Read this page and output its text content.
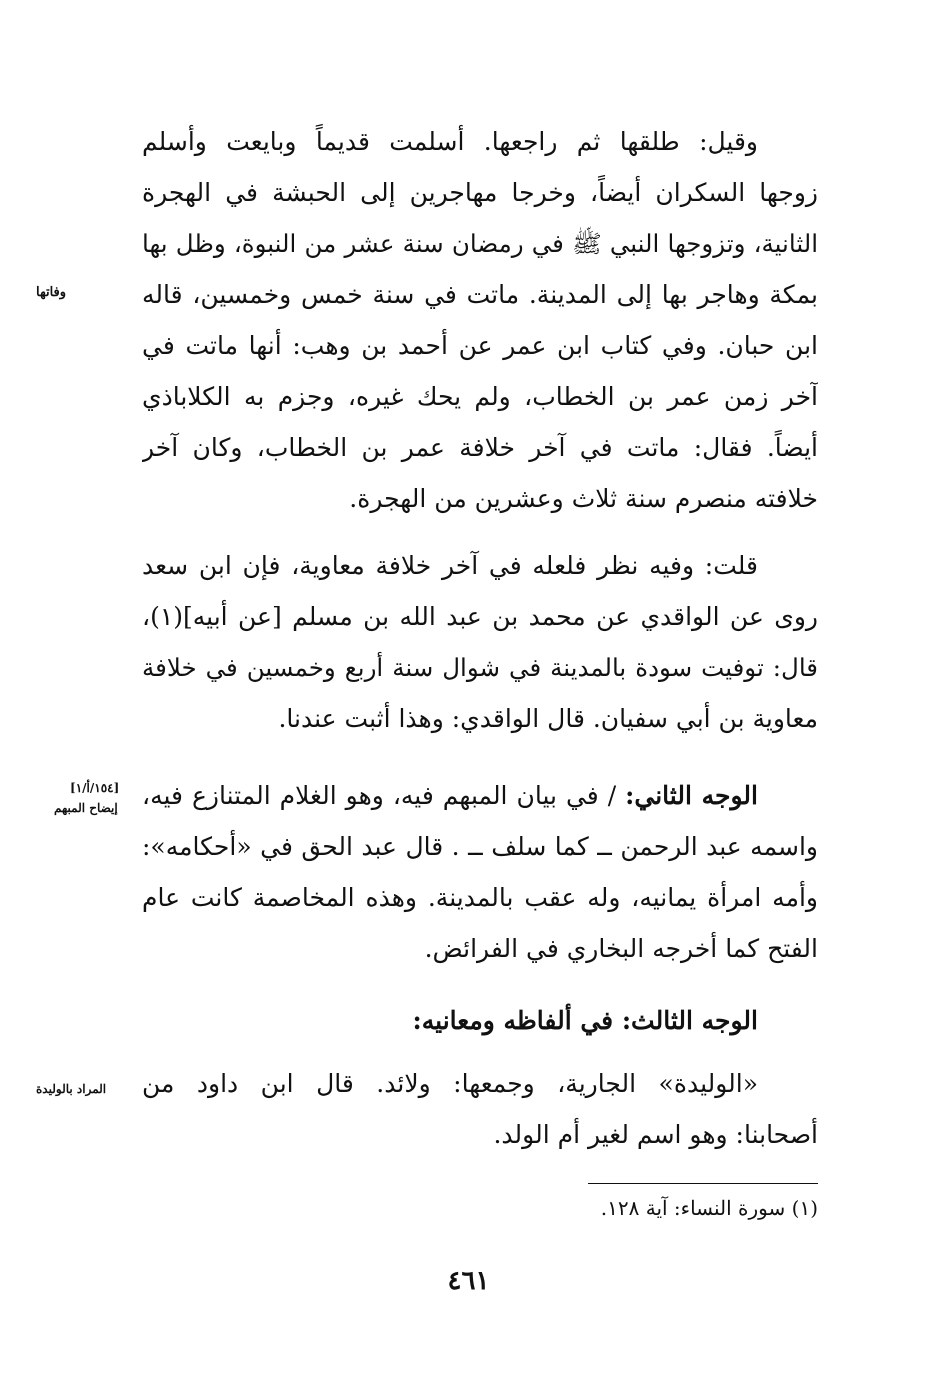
وقيل: طلقها ثم راجعها. أسلمت قديماً وبايعت وأسلم
زوجها السكران أيضاً، وخرجا مهاجرين إلى الحبشة في الهجرة
الثانية، وتزوجها النبي ﷺ في رمضان سنة عشر من النبوة، وظل بها
بمكة وهاجر بها إلى المدينة. ماتت في سنة خمس وخمسين، قاله
ابن حبان. وفي كتاب ابن عمر عن أحمد بن وهب: أنها ماتت في
آخر زمن عمر بن الخطاب، ولم يحك غيره، وجزم به الكلاباذي
أيضاً. فقال: ماتت في آخر خلافة عمر بن الخطاب، وكان آخر
خلافته منصرم سنة ثلاث وعشرين من الهجرة.
قلت: وفيه نظر فلعله في آخر خلافة معاوية، فإن ابن سعد
روى عن الواقدي عن محمد بن عبد الله بن مسلم [عن أبيه](١)،
قال: توفيت سودة بالمدينة في شوال سنة أربع وخمسين في خلافة
معاوية بن أبي سفيان. قال الواقدي: وهذا أثبت عندنا.
الوجه الثاني: / في بيان المبهم فيه، وهو الغلام المتنازع فيه،
واسمه عبد الرحمن ــ كما سلف ــ . قال عبد الحق في «أحكامه»:
وأمه امرأة يمانيه، وله عقب بالمدينة. وهذه المخاصمة كانت عام
الفتح كما أخرجه البخاري في الفرائض.
الوجه الثالث: في ألفاظه ومعانيه:
«الوليدة» الجارية، وجمعها: ولائد. قال ابن داود من
أصحابنا: وهو اسم لغير أم الولد.
وفاتها
[١٥٤/أ/١]
إيضاح المبهم
المراد بالوليدة
(١) سورة النساء: آية ١٢٨.
٤٦١
